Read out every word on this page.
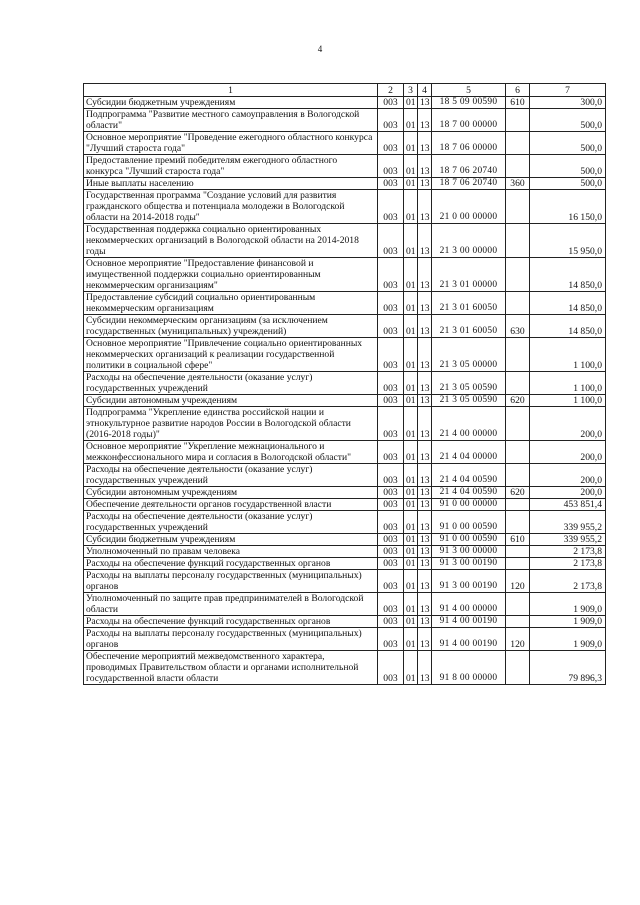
4
1	2	3	4	5	6	7
Субсидии бюджетным учреждениям	003	01	13	18 5 09 00590	610	300,0
Подпрограмма "Развитие местного самоуправления в Вологодской области"	003	01	13	18 7 00 00000		500,0
Основное мероприятие "Проведение ежегодного областного конкурса "Лучший староста года"	003	01	13	18 7 06 00000		500,0
Предоставление премий победителям ежегодного областного конкурса "Лучший староста года"	003	01	13	18 7 06 20740		500,0
Иные выплаты населению	003	01	13	18 7 06 20740	360	500,0
Государственная программа "Создание условий для развития гражданского общества и потенциала молодежи в Вологодской области на 2014-2018 годы"	003	01	13	21 0 00 00000		16 150,0
Государственная поддержка социально ориентированных некоммерческих организаций в Вологодской области на 2014-2018 годы	003	01	13	21 3 00 00000		15 950,0
Основное мероприятие "Предоставление финансовой и имущественной поддержки социально ориентированным некоммерческим организациям"	003	01	13	21 3 01 00000		14 850,0
Предоставление субсидий социально ориентированным некоммерческим организациям	003	01	13	21 3 01 60050		14 850,0
Субсидии некоммерческим организациям (за исключением государственных (муниципальных) учреждений)	003	01	13	21 3 01 60050	630	14 850,0
Основное мероприятие "Привлечение социально ориентированных некоммерческих организаций к реализации государственной политики в социальной сфере"	003	01	13	21 3 05 00000		1 100,0
Расходы на обеспечение деятельности (оказание услуг) государственных учреждений	003	01	13	21 3 05 00590		1 100,0
Субсидии автономным учреждениям	003	01	13	21 3 05 00590	620	1 100,0
Подпрограмма "Укрепление единства российской нации и этнокультурное развитие народов России в Вологодской области (2016-2018 годы)"	003	01	13	21 4 00 00000		200,0
Основное мероприятие "Укрепление межнационального и межконфессионального мира и согласия в Вологодской области"	003	01	13	21 4 04 00000		200,0
Расходы на обеспечение деятельности (оказание услуг) государственных учреждений	003	01	13	21 4 04 00590		200,0
Субсидии автономным учреждениям	003	01	13	21 4 04 00590	620	200,0
Обеспечение деятельности органов государственной власти	003	01	13	91 0 00 00000		453 851,4
Расходы на обеспечение деятельности (оказание услуг) государственных учреждений	003	01	13	91 0 00 00590		339 955,2
Субсидии бюджетным учреждениям	003	01	13	91 0 00 00590	610	339 955,2
Уполномоченный по правам человека	003	01	13	91 3 00 00000		2 173,8
Расходы на обеспечение функций государственных органов	003	01	13	91 3 00 00190		2 173,8
Расходы на выплаты персоналу государственных (муниципальных) органов	003	01	13	91 3 00 00190	120	2 173,8
Уполномоченный по защите прав предпринимателей в Вологодской области	003	01	13	91 4 00 00000		1 909,0
Расходы на обеспечение функций государственных органов	003	01	13	91 4 00 00190		1 909,0
Расходы на выплаты персоналу государственных (муниципальных) органов	003	01	13	91 4 00 00190	120	1 909,0
Обеспечение мероприятий межведомственного характера, проводимых Правительством области и органами исполнительной государственной власти области	003	01	13	91 8 00 00000		79 896,3
